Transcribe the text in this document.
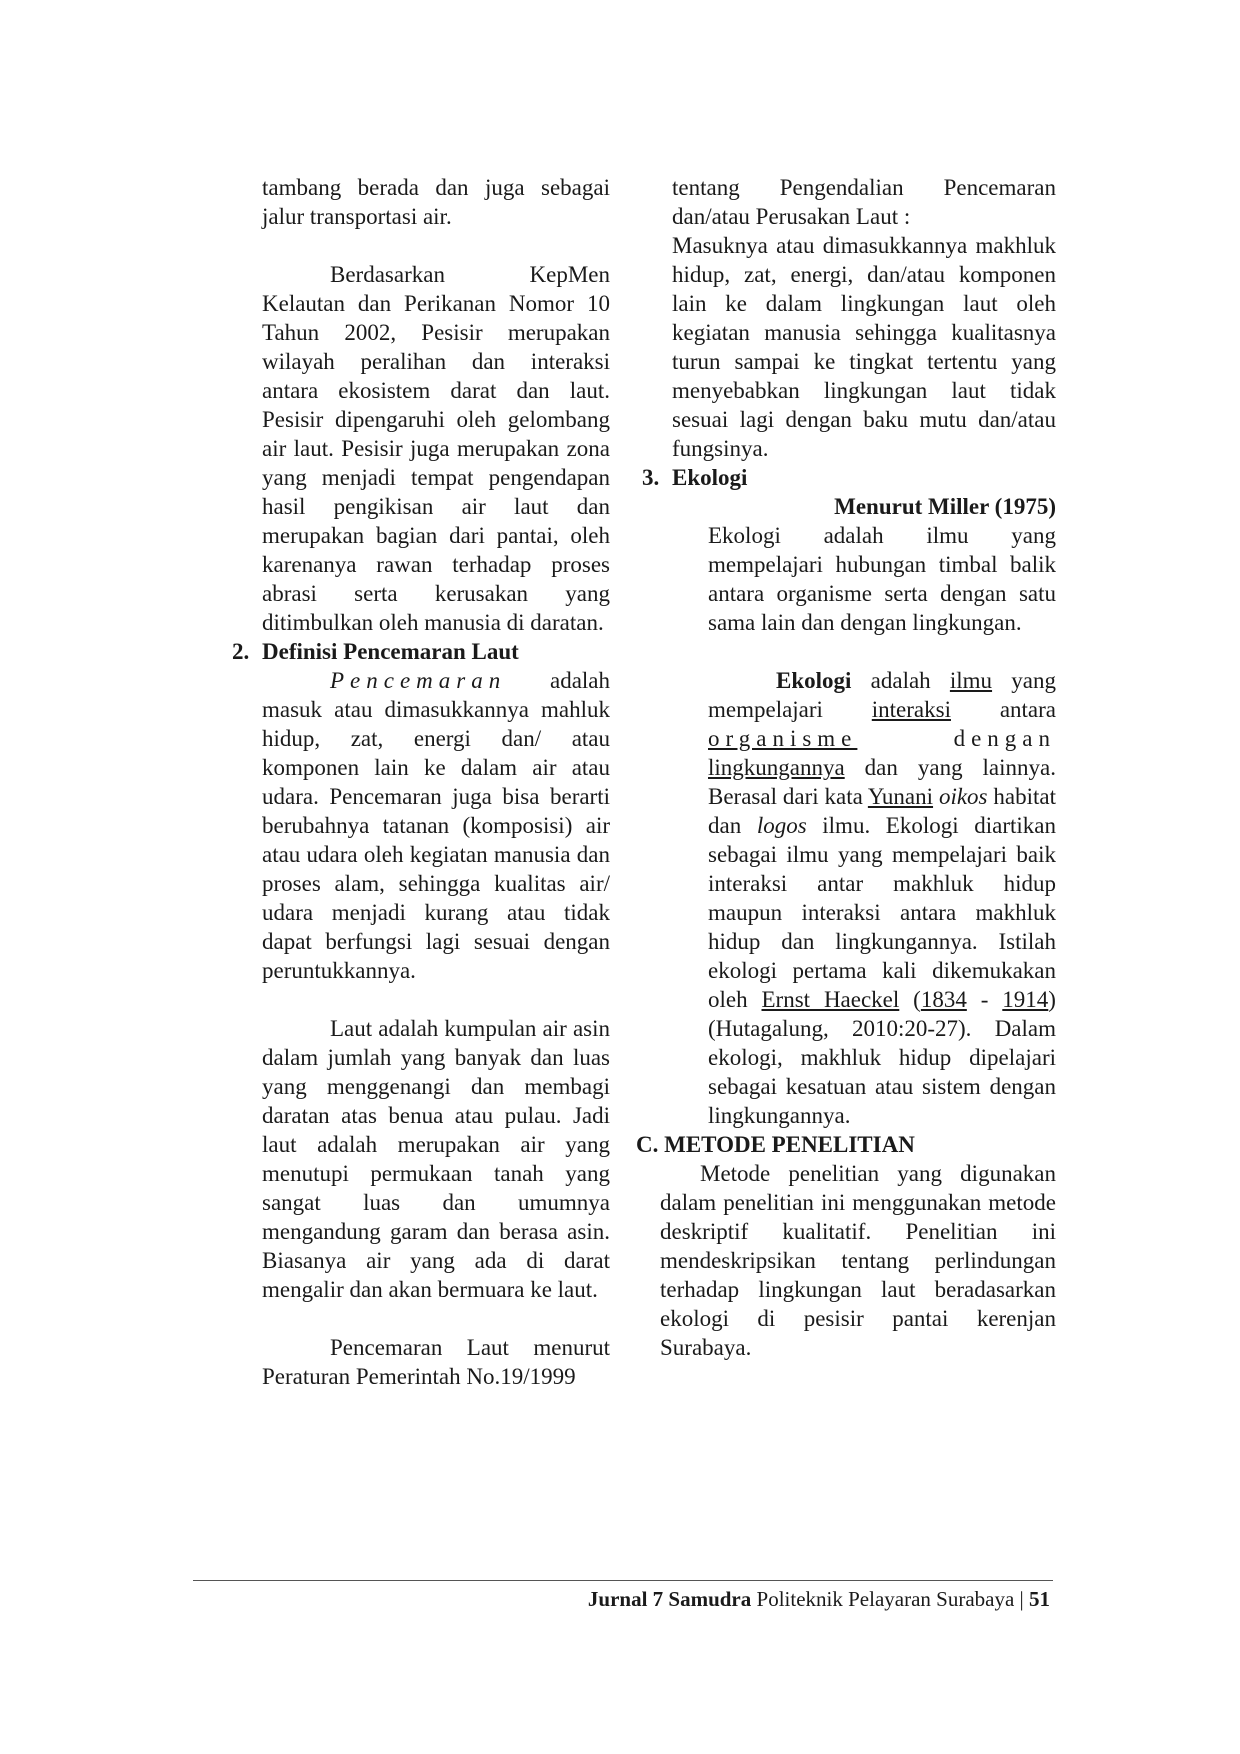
tambang berada dan juga sebagai jalur transportasi air.

Berdasarkan KepMen Kelautan dan Perikanan Nomor 10 Tahun 2002, Pesisir merupakan wilayah peralihan dan interaksi antara ekosistem darat dan laut. Pesisir dipengaruhi oleh gelombang air laut. Pesisir juga merupakan zona yang menjadi tempat pengendapan hasil pengikisan air laut dan merupakan bagian dari pantai, oleh karenanya rawan terhadap proses abrasi serta kerusakan yang ditimbulkan oleh manusia di daratan.

2. Definisi Pencemaran Laut

Pencemaran adalah masuk atau dimasukkannya mahluk hidup, zat, energi dan/ atau komponen lain ke dalam air atau udara. Pencemaran juga bisa berarti berubahnya tatanan (komposisi) air atau udara oleh kegiatan manusia dan proses alam, sehingga kualitas air/ udara menjadi kurang atau tidak dapat berfungsi lagi sesuai dengan peruntukkannya.

Laut adalah kumpulan air asin dalam jumlah yang banyak dan luas yang menggenangi dan membagi daratan atas benua atau pulau. Jadi laut adalah merupakan air yang menutupi permukaan tanah yang sangat luas dan umumnya mengandung garam dan berasa asin. Biasanya air yang ada di darat mengalir dan akan bermuara ke laut.

Pencemaran Laut menurut Peraturan Pemerintah No.19/1999

tentang Pengendalian Pencemaran dan/atau Perusakan Laut :

Masuknya atau dimasukkannya makhluk hidup, zat, energi, dan/atau komponen lain ke dalam lingkungan laut oleh kegiatan manusia sehingga kualitasnya turun sampai ke tingkat tertentu yang menyebabkan lingkungan laut tidak sesuai lagi dengan baku mutu dan/atau fungsinya.

3. Ekologi

Menurut Miller (1975)

Ekologi adalah ilmu yang mempelajari hubungan timbal balik antara organisme serta dengan satu sama lain dan dengan lingkungan.

Ekologi adalah ilmu yang mempelajari interaksi antara organisme dengan lingkungannya dan yang lainnya. Berasal dari kata Yunani oikos habitat dan logos ilmu. Ekologi diartikan sebagai ilmu yang mempelajari baik interaksi antar makhluk hidup maupun interaksi antara makhluk hidup dan lingkungannya. Istilah ekologi pertama kali dikemukakan oleh Ernst Haeckel (1834 - 1914) (Hutagalung, 2010:20-27). Dalam ekologi, makhluk hidup dipelajari sebagai kesatuan atau sistem dengan lingkungannya.

C. METODE PENELITIAN

Metode penelitian yang digunakan dalam penelitian ini menggunakan metode deskriptif kualitatif. Penelitian ini mendeskripsikan tentang perlindungan terhadap lingkungan laut beradasarkan ekologi di pesisir pantai kerenjan Surabaya.

Jurnal 7 Samudra Politeknik Pelayaran Surabaya | 51
